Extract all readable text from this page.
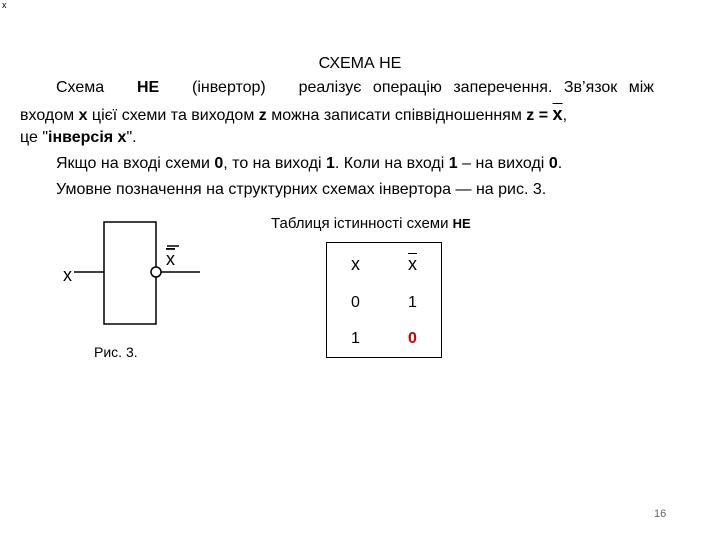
$\overline{x}$
СХЕМА НЕ
Схема НЕ (інвертор) реалізує операцію заперечення. Зв’язок між
входом x цієї схеми та виходом z можна записати співвідношенням $z = \overline{x}$,
це "інверсія x".
Якщо на вході схеми 0, то на виході 1. Коли на вході 1 – на виході 0.
Умовне позначення на структурних схемах інвертора — на рис. 3.
x
x
Рис. 3.
Таблиця істинності схеми НЕ
x	$\overline{x}$
0	1
1	0
16
